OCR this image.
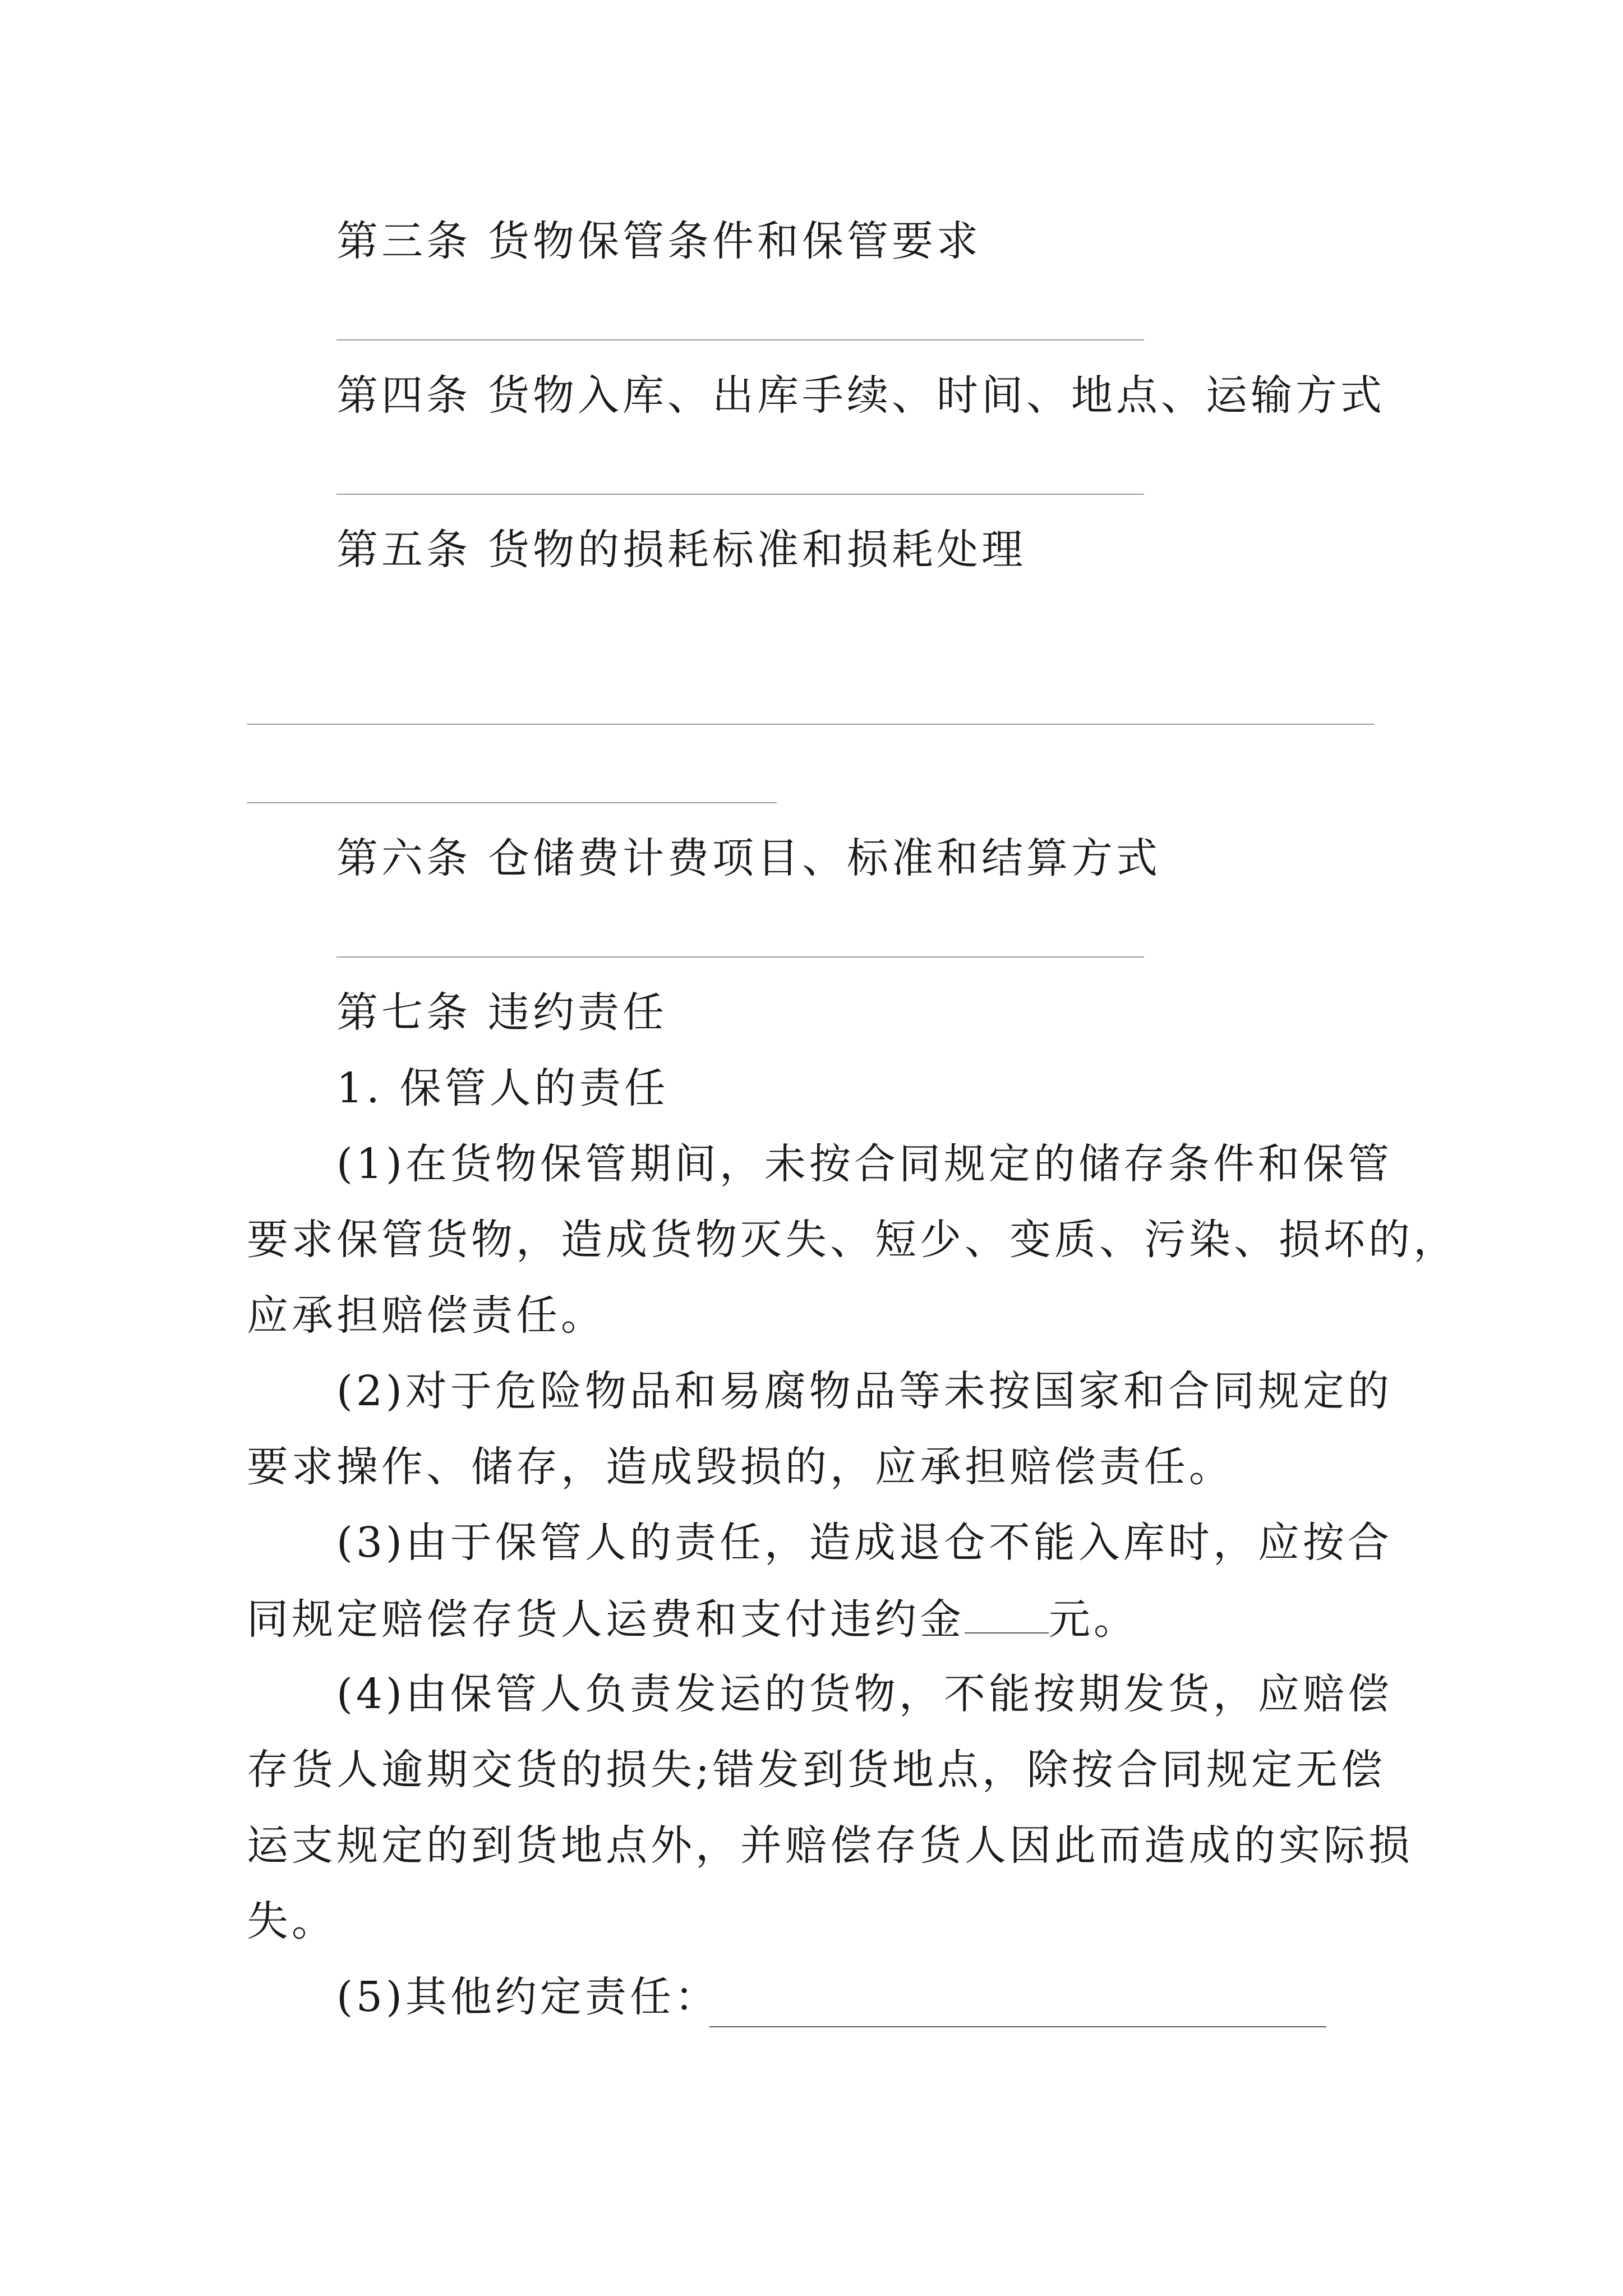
第三条 货物保管条件和保管要求
第四条 货物入库、出库手续、时间、地点、运输方式
第五条 货物的损耗标准和损耗处理
第六条 仓储费计费项目、标准和结算方式
第七条 违约责任
1. 保管人的责任
(1)在货物保管期间，未按合同规定的储存条件和保管
要求保管货物，造成货物灭失、短少、变质、污染、损坏的，
应承担赔偿责任。
(2)对于危险物品和易腐物品等未按国家和合同规定的
要求操作、储存，造成毁损的，应承担赔偿责任。
(3)由于保管人的责任，造成退仓不能入库时，应按合
同规定赔偿存货人运费和支付违约金 元。
(4)由保管人负责发运的货物，不能按期发货，应赔偿
存货人逾期交货的损失;错发到货地点，除按合同规定无偿
运支规定的到货地点外，并赔偿存货人因此而造成的实际损
失。
(5)其他约定责任：
